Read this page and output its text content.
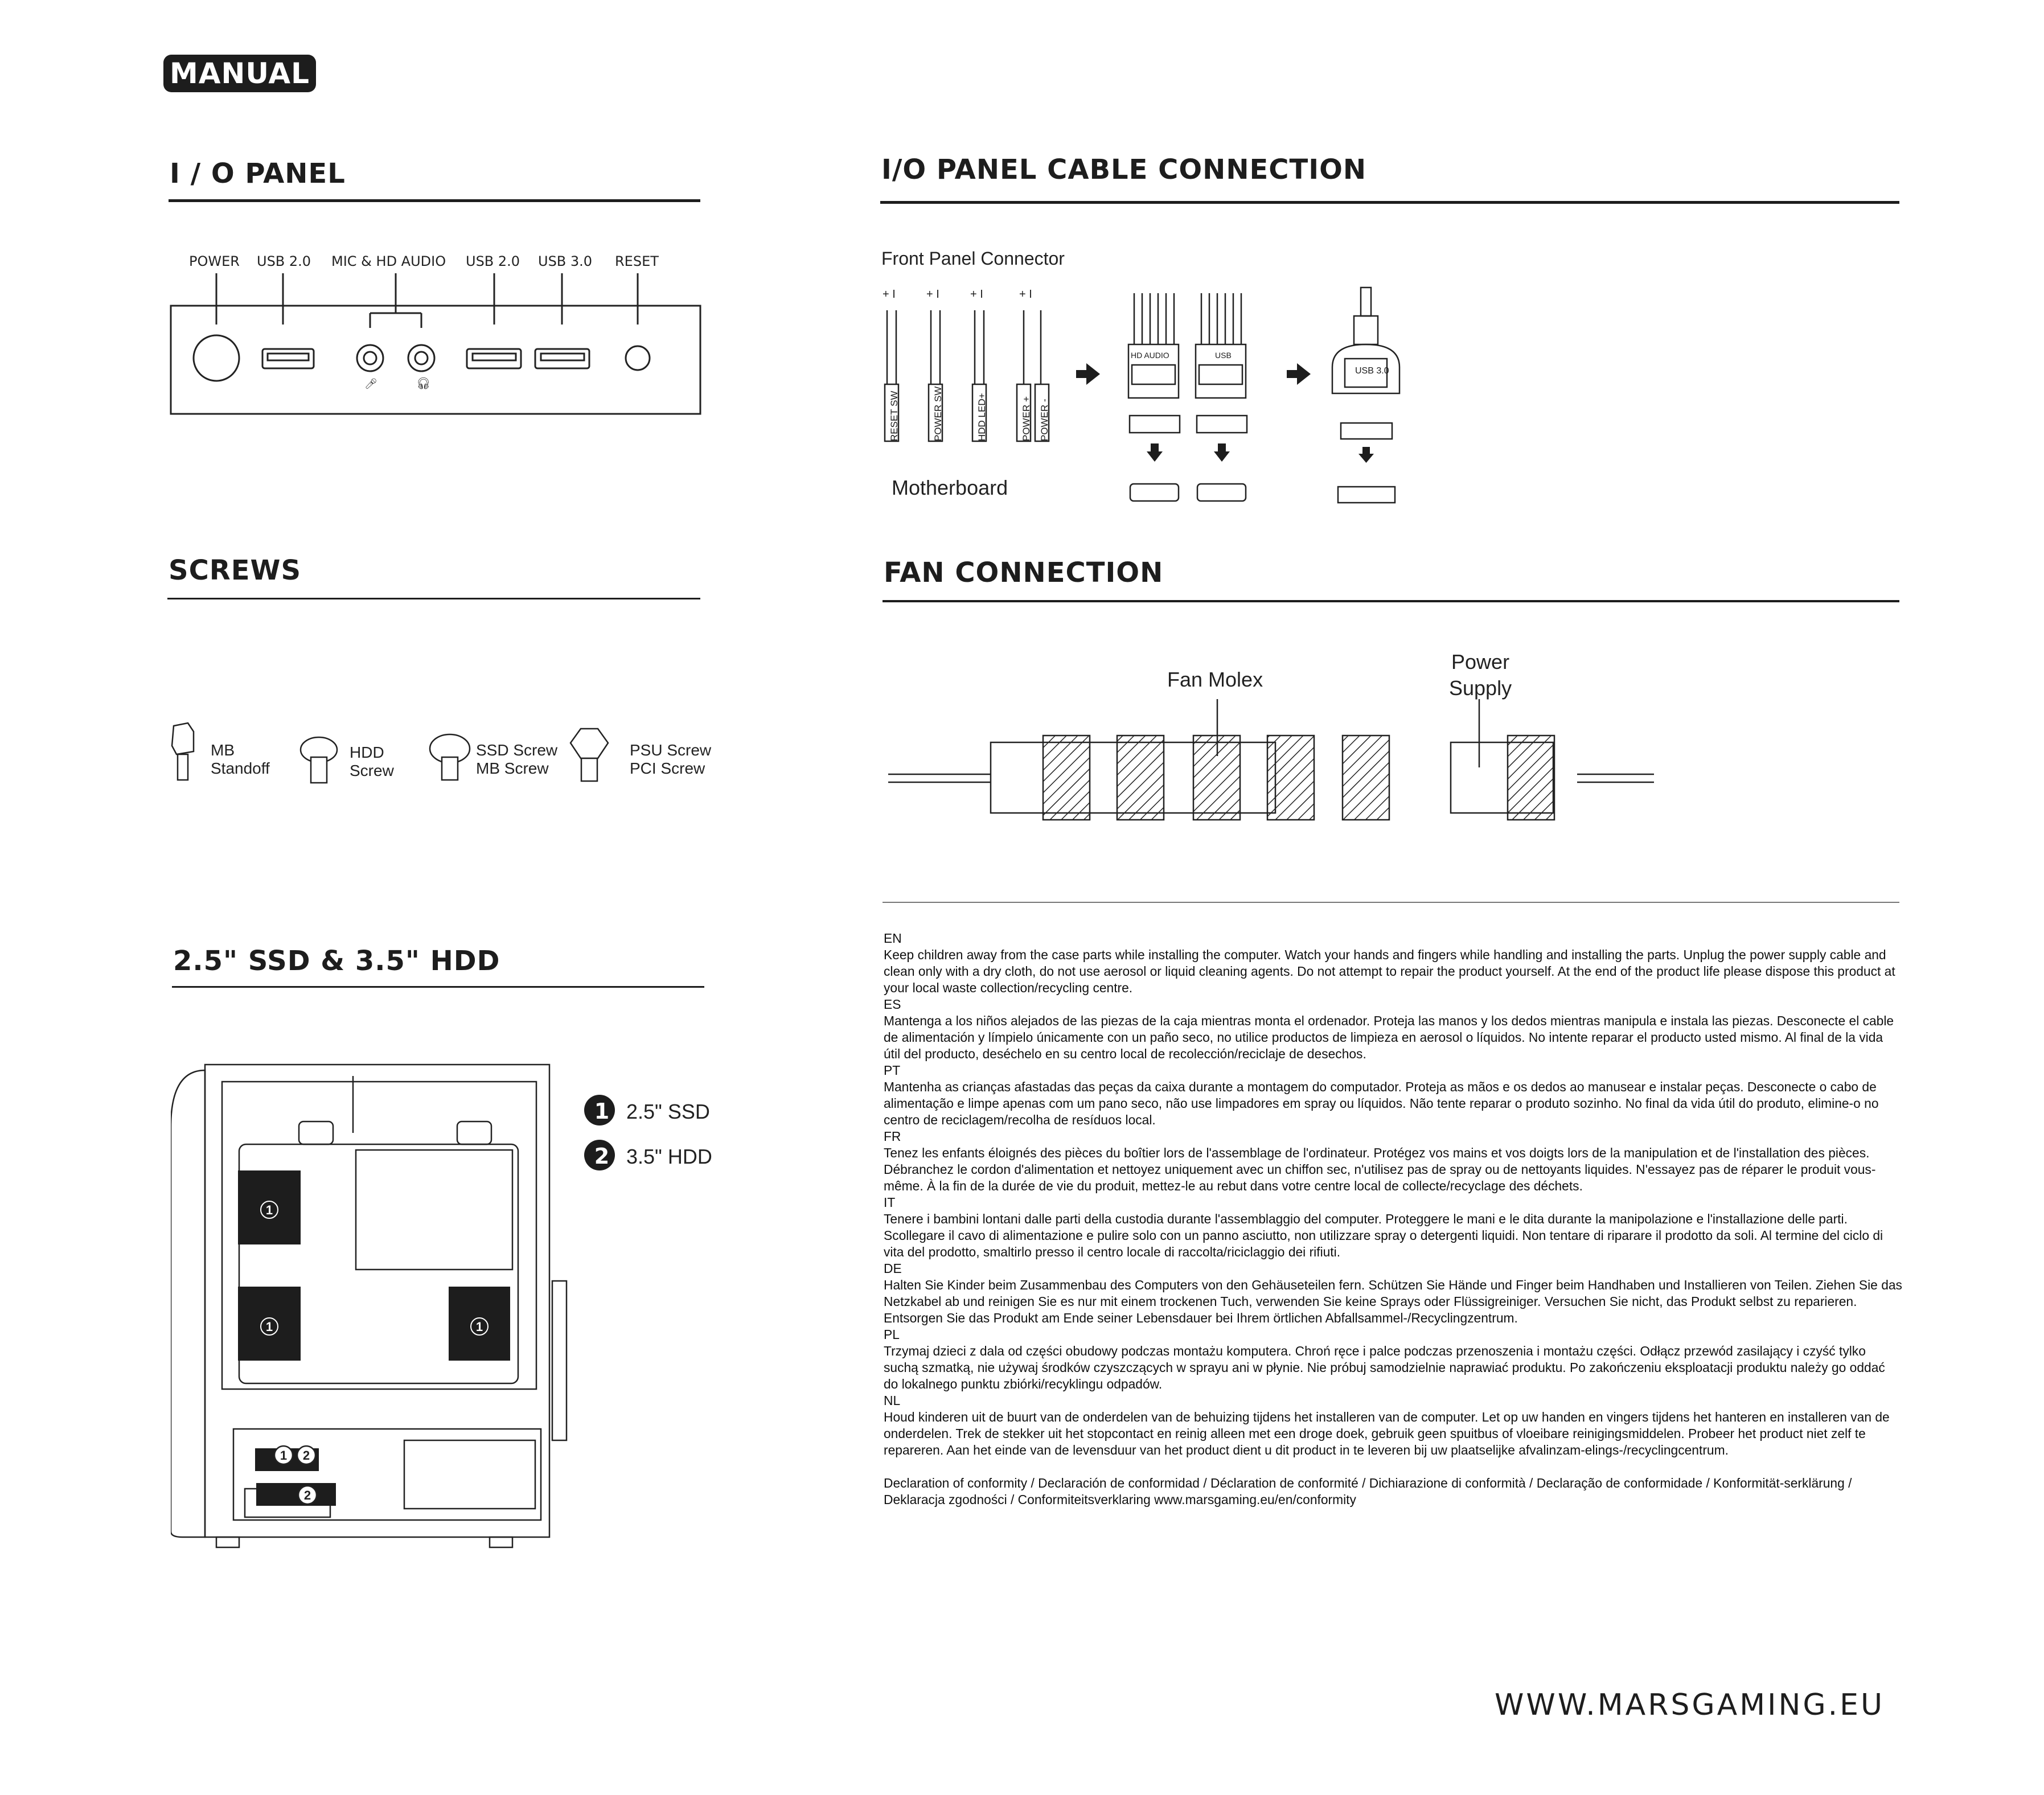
MANUAL
I / O PANEL
POWER USB 2.0 MIC & HD AUDIO USB 2.0 USB 3.0 RESET
🎤︎	🎧︎
I/O PANEL CABLE CONNECTION
Front Panel Connector
Motherboard
+ I	+ I	+ I	+ I
RESET SW	POWER SW	HDD LED+	POWER + POWER -
HD AUDIO	USB
USB 3.0
SCREWS
MB
Standoff
HDD
Screw
SSD Screw
MB Screw
PSU Screw
PCI Screw
FAN CONNECTION
Fan Molex
Power
Supply
2.5" SSD & 3.5" HDD
1
1	1
1 2
2
1
2
2.5" SSD
3.5" HDD

EN

Keep children away from the case parts while installing the computer. Watch your hands and fingers while handling and installing the parts. Unplug the power supply cable and clean only with a dry cloth, do not use aerosol or liquid cleaning agents. Do not attempt to repair the product yourself. At the end of the product life please dispose this product at your local waste collection/recycling centre.

ES

Mantenga a los niños alejados de las piezas de la caja mientras monta el ordenador. Proteja las manos y los dedos mientras manipula e instala las piezas. Desconecte el cable de alimentación y límpielo únicamente con un paño seco, no utilice productos de limpieza en aerosol o líquidos. No intente reparar el producto usted mismo. Al final de la vida útil del producto, deséchelo en su centro local de recolección/reciclaje de desechos.

PT

Mantenha as crianças afastadas das peças da caixa durante a montagem do computador. Proteja as mãos e os dedos ao manusear e instalar peças. Desconecte o cabo de alimentação e limpe apenas com um pano seco, não use limpadores em spray ou líquidos. Não tente reparar o produto sozinho. No final da vida útil do produto, elimine-o no centro de reciclagem/recolha de resíduos local.

FR

Tenez les enfants éloignés des pièces du boîtier lors de l'assemblage de l'ordinateur. Protégez vos mains et vos doigts lors de la manipulation et de l'installation des pièces. Débranchez le cordon d'alimentation et nettoyez uniquement avec un chiffon sec, n'utilisez pas de spray ou de nettoyants liquides. N'essayez pas de réparer le produit vous-même. À la fin de la durée de vie du produit, mettez-le au rebut dans votre centre local de collecte/recyclage des déchets.

IT

Tenere i bambini lontani dalle parti della custodia durante l'assemblaggio del computer. Proteggere le mani e le dita durante la manipolazione e l'installazione delle parti. Scollegare il cavo di alimentazione e pulire solo con un panno asciutto, non utilizzare spray o detergenti liquidi. Non tentare di riparare il prodotto da soli. Al termine del ciclo di vita del prodotto, smaltirlo presso il centro locale di raccolta/riciclaggio dei rifiuti.

DE

Halten Sie Kinder beim Zusammenbau des Computers von den Gehäuseteilen fern. Schützen Sie Hände und Finger beim Handhaben und Installieren von Teilen. Ziehen Sie das Netzkabel ab und reinigen Sie es nur mit einem trockenen Tuch, verwenden Sie keine Sprays oder Flüssigreiniger. Versuchen Sie nicht, das Produkt selbst zu reparieren. Entsorgen Sie das Produkt am Ende seiner Lebensdauer bei Ihrem örtlichen Abfallsammel-/Recyclingzentrum.

PL

Trzymaj dzieci z dala od części obudowy podczas montażu komputera. Chroń ręce i palce podczas przenoszenia i montażu części. Odłącz przewód zasilający i czyść tylko suchą szmatką, nie używaj środków czyszczących w sprayu ani w płynie. Nie próbuj samodzielnie naprawiać produktu. Po zakończeniu eksploatacji produktu należy go oddać do lokalnego punktu zbiórki/recyklingu odpadów.

NL

Houd kinderen uit de buurt van de onderdelen van de behuizing tijdens het installeren van de computer. Let op uw handen en vingers tijdens het hanteren en installeren van de onderdelen. Trek de stekker uit het stopcontact en reinig alleen met een droge doek, gebruik geen spuitbus of vloeibare reinigingsmiddelen. Probeer het product niet zelf te repareren. Aan het einde van de levensduur van het product dient u dit product in te leveren bij uw plaatselijke afvalinzam-elings-/recyclingcentrum.

Declaration of conformity / Declaración de conformidad / Déclaration de conformité / Dichiarazione di conformità / Declaração de conformidade / Konformität-serklärung / Deklaracja zgodności / Conformiteitsverklaring www.marsgaming.eu/en/conformity

WWW.MARSGAMING.EU
